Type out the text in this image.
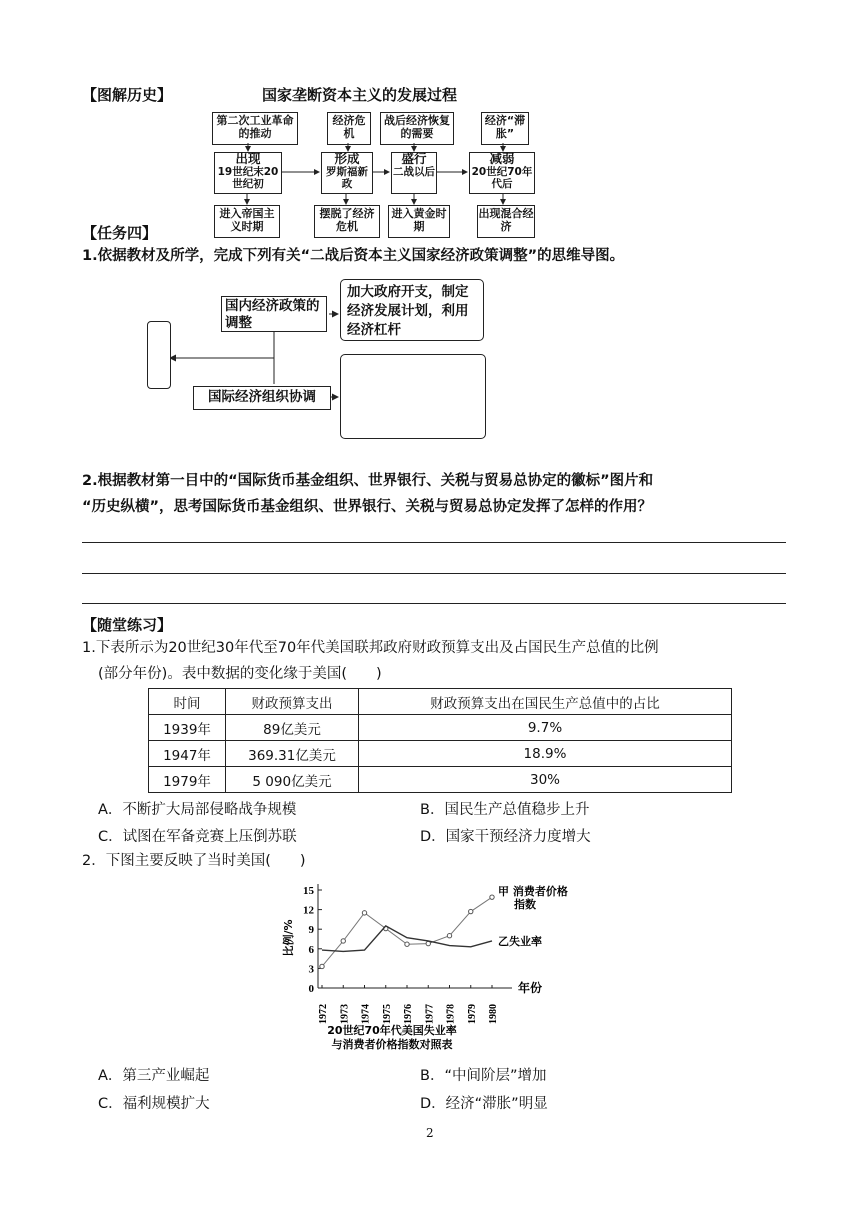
【图解历史】	国家垄断资本主义的发展过程
第二次工业革命的推动
经济危机
战后经济恢复的需要
经济“滞胀”
出现
19世纪末20世纪初
形成
罗斯福新政
盛行
二战以后
减弱
20世纪70年代后
进入帝国主义时期
摆脱了经济危机
进入黄金时期
出现混合经济
【任务四】
1.依据教材及所学，完成下列有关“二战后资本主义国家经济政策调整”的思维导图。
国内经济政策的调整
加大政府开支，制定经济发展计划，利用经济杠杆
国际经济组织协调
2.根据教材第一目中的“国际货币基金组织、世界银行、关税与贸易总协定的徽标”图片和
“历史纵横”，思考国际货币基金组织、世界银行、关税与贸易总协定发挥了怎样的作用？
【随堂练习】
1.下表所示为20世纪30年代至70年代美国联邦政府财政预算支出及占国民生产总值的比例
(部分年份)。表中数据的变化缘于美国(　　)
时间	财政预算支出	财政预算支出在国民生产总值中的占比
1939年	89亿美元	9.7%
1947年	369.31亿美元	18.9%
1979年	5 090亿美元	30%
A．不断扩大局部侵略战争规模	B．国民生产总值稳步上升
C．试图在军备竞赛上压倒苏联	D．国家干预经济力度增大
2．下图主要反映了当时美国(　　)
0
3
6
9
12
15
比例/%
1972 1973 1974 1975 1976 1977 1978 1979 1980
年份
甲 消费者价格
指数
乙失业率
20世纪70年代美国失业率
与消费者价格指数对照表
A．第三产业崛起	B．“中间阶层”增加
C．福利规模扩大	D．经济“滞胀”明显
2
